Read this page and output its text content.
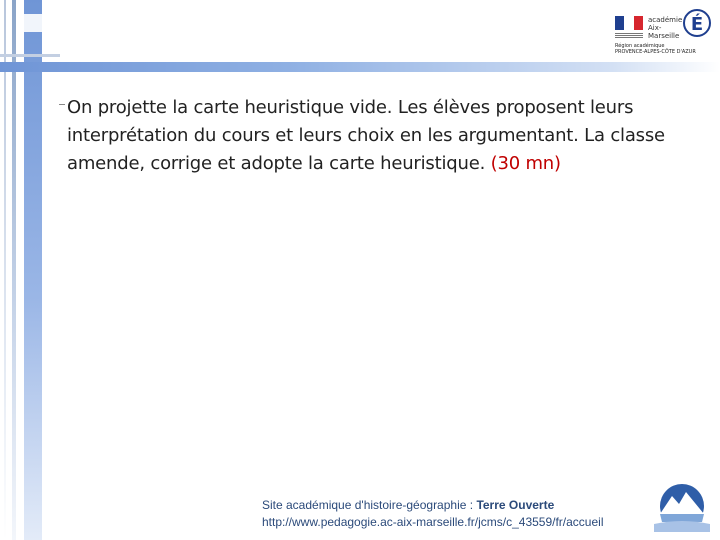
académie
Aix-Marseille
É
Région académique
PROVENCE-ALPES-CÔTE D'AZUR
On projette la carte heuristique vide. Les élèves proposent leurs interprétation du cours et leurs choix en les argumentant. La classe amende, corrige et adopte la carte heuristique. (30 mn)
Site académique d'histoire-géographie : Terre Ouverte
http://www.pedagogie.ac-aix-marseille.fr/jcms/c_43559/fr/accueil
